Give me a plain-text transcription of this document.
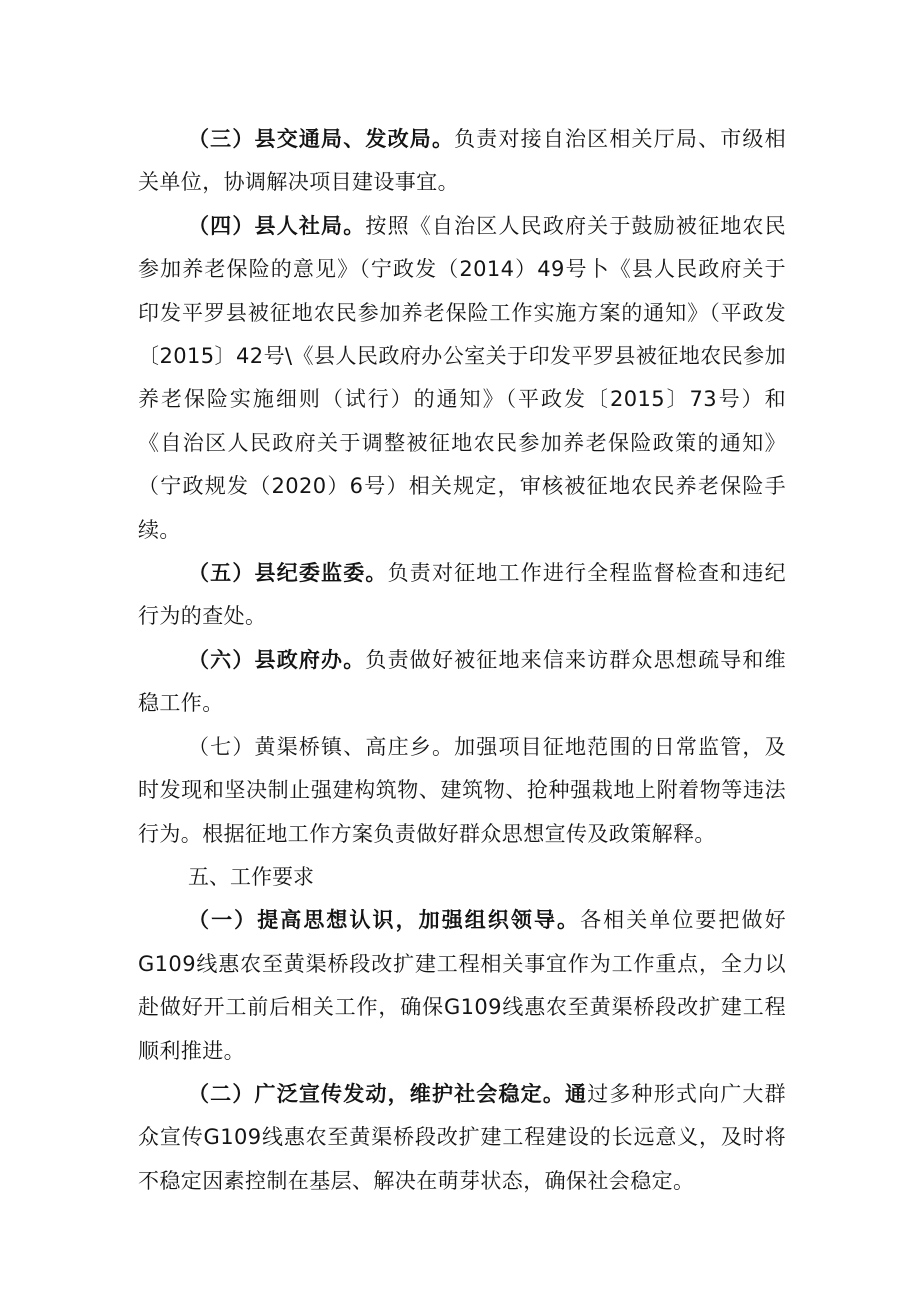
（三）县交通局、发改局。负责对接自治区相关厅局、市级相关单位，协调解决项目建设事宜。

（四）县人社局。按照《自治区人民政府关于鼓励被征地农民参加养老保险的意见》（宁政发（2014）49号卜《县人民政府关于印发平罗县被征地农民参加养老保险工作实施方案的通知》（平政发〔2015〕42号\《县人民政府办公室关于印发平罗县被征地农民参加养老保险实施细则（试行）的通知》（平政发〔2015〕73号）和《自治区人民政府关于调整被征地农民参加养老保险政策的通知》（宁政规发（2020）6号）相关规定，审核被征地农民养老保险手续。

（五）县纪委监委。负责对征地工作进行全程监督检查和违纪行为的查处。

（六）县政府办。负责做好被征地来信来访群众思想疏导和维稳工作。

（七）黄渠桥镇、高庄乡。加强项目征地范围的日常监管，及时发现和坚决制止强建构筑物、建筑物、抢种强栽地上附着物等违法行为。根据征地工作方案负责做好群众思想宣传及政策解释。

五、工作要求

（一）提高思想认识，加强组织领导。各相关单位要把做好G109线惠农至黄渠桥段改扩建工程相关事宜作为工作重点，全力以赴做好开工前后相关工作，确保G109线惠农至黄渠桥段改扩建工程顺利推进。

（二）广泛宣传发动，维护社会稳定。通过多种形式向广大群众宣传G109线惠农至黄渠桥段改扩建工程建设的长远意义，及时将不稳定因素控制在基层、解决在萌芽状态，确保社会稳定。
